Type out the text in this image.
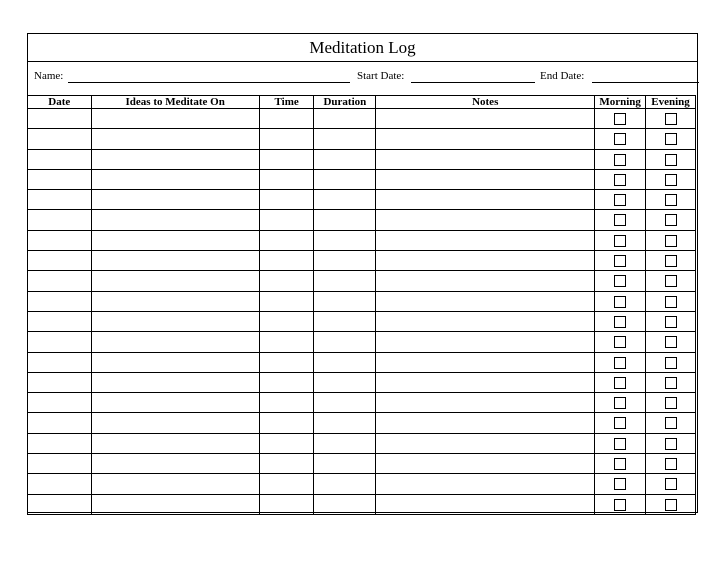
Meditation Log
Name:	Start Date:	End Date:
Date	Ideas to Meditate On	Time	Duration	Notes	Morning	Evening
